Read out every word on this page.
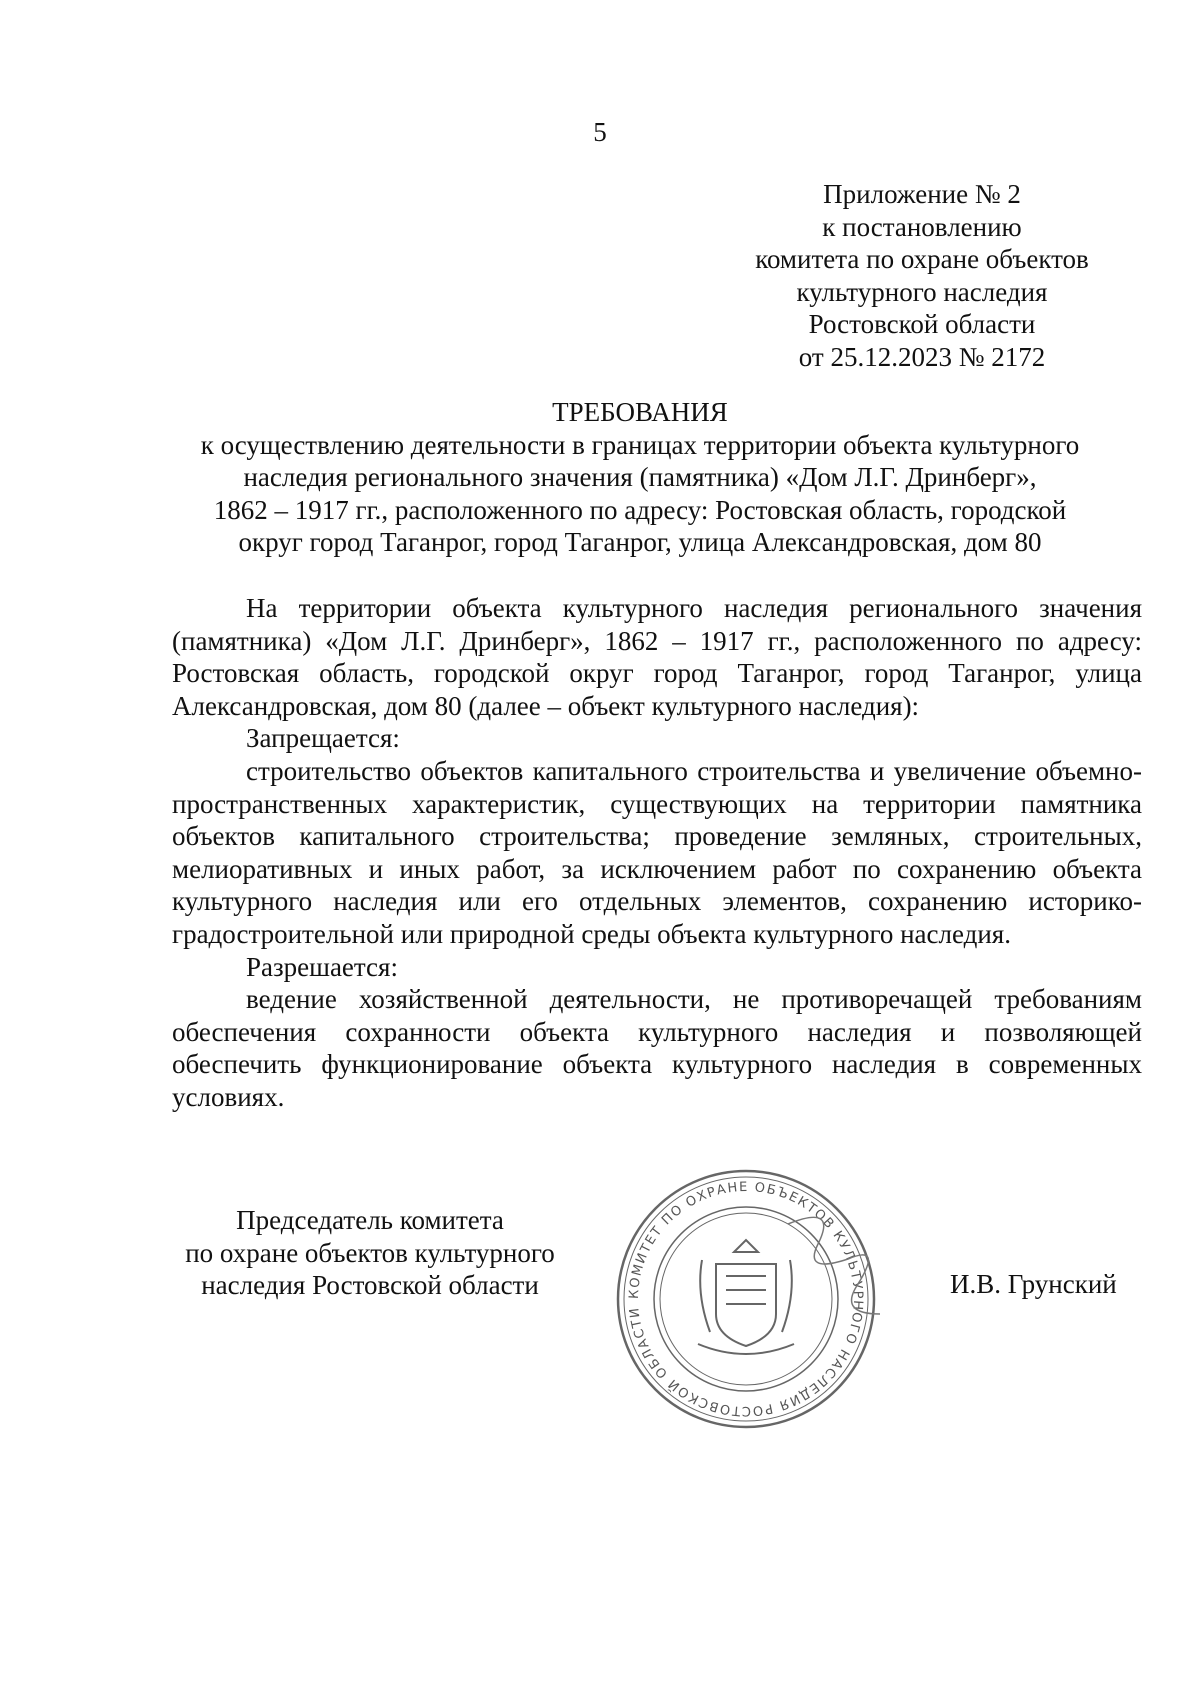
5
Приложение № 2
к постановлению
комитета по охране объектов
культурного наследия
Ростовской области
от 25.12.2023 № 2172
ТРЕБОВАНИЯ
к осуществлению деятельности в границах территории объекта культурного
наследия регионального значения (памятника) «Дом Л.Г. Дринберг»,
1862 – 1917 гг., расположенного по адресу: Ростовская область, городской
округ город Таганрог, город Таганрог, улица Александровская, дом 80

На территории объекта культурного наследия регионального значения (памятника) «Дом Л.Г. Дринберг», 1862 – 1917 гг., расположенного по адресу: Ростовская область, городской округ город Таганрог, город Таганрог, улица Александровская, дом 80 (далее – объект культурного наследия):

Запрещается:

строительство объектов капитального строительства и увеличение объемно-пространственных характеристик, существующих на территории памятника объектов капитального строительства; проведение земляных, строительных, мелиоративных и иных работ, за исключением работ по сохранению объекта культурного наследия или его отдельных элементов, сохранению историко-градостроительной или природной среды объекта культурного наследия.

Разрешается:

ведение хозяйственной деятельности, не противоречащей требованиям обеспечения сохранности объекта культурного наследия и позволяющей обеспечить функционирование объекта культурного наследия в современных условиях.

Председатель комитета
по охране объектов культурного
наследия Ростовской области	КОМИТЕТ ПО ОХРАНЕ ОБЪЕКТОВ КУЛЬТУРНОГО НАСЛЕДИЯ РОСТОВСКОЙ ОБЛАСТИ
И.В. Грунский
